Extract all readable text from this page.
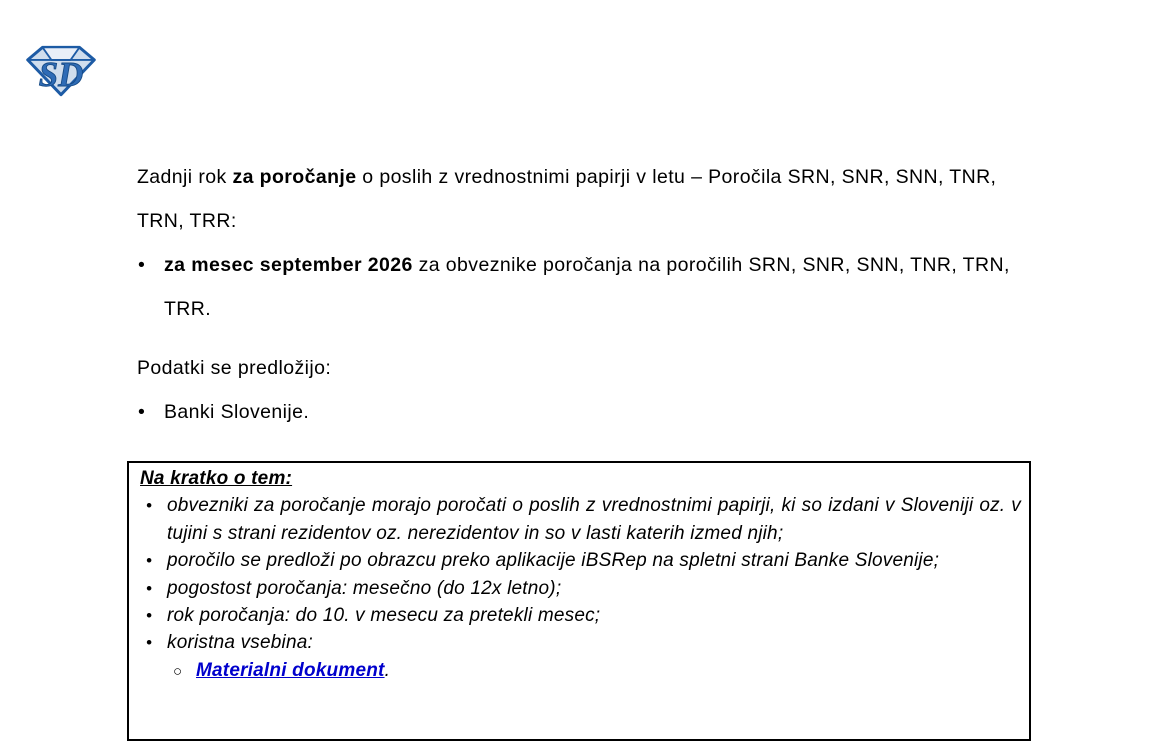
SD

Zadnji rok za poročanje o poslih z vrednostnimi papirji v letu – Poročila SRN, SNR, SNN, TNR, TRN, TRR:

• za mesec september 2026 za obveznike poročanja na poročilih SRN, SNR, SNN, TNR, TRN, TRR.

Podatki se predložijo:

• Banki Slovenije.

Na kratko o tem:

• obvezniki za poročanje morajo poročati o poslih z vrednostnimi papirji, ki so izdani v Sloveniji oz. v tujini s strani rezidentov oz. nerezidentov in so v lasti katerih izmed njih;
• poročilo se predloži po obrazcu preko aplikacije iBSRep na spletni strani Banke Slovenije;
• pogostost poročanja: mesečno (do 12x letno);
• rok poročanja: do 10. v mesecu za pretekli mesec;
• koristna vsebina:
○ Materialni dokument.
